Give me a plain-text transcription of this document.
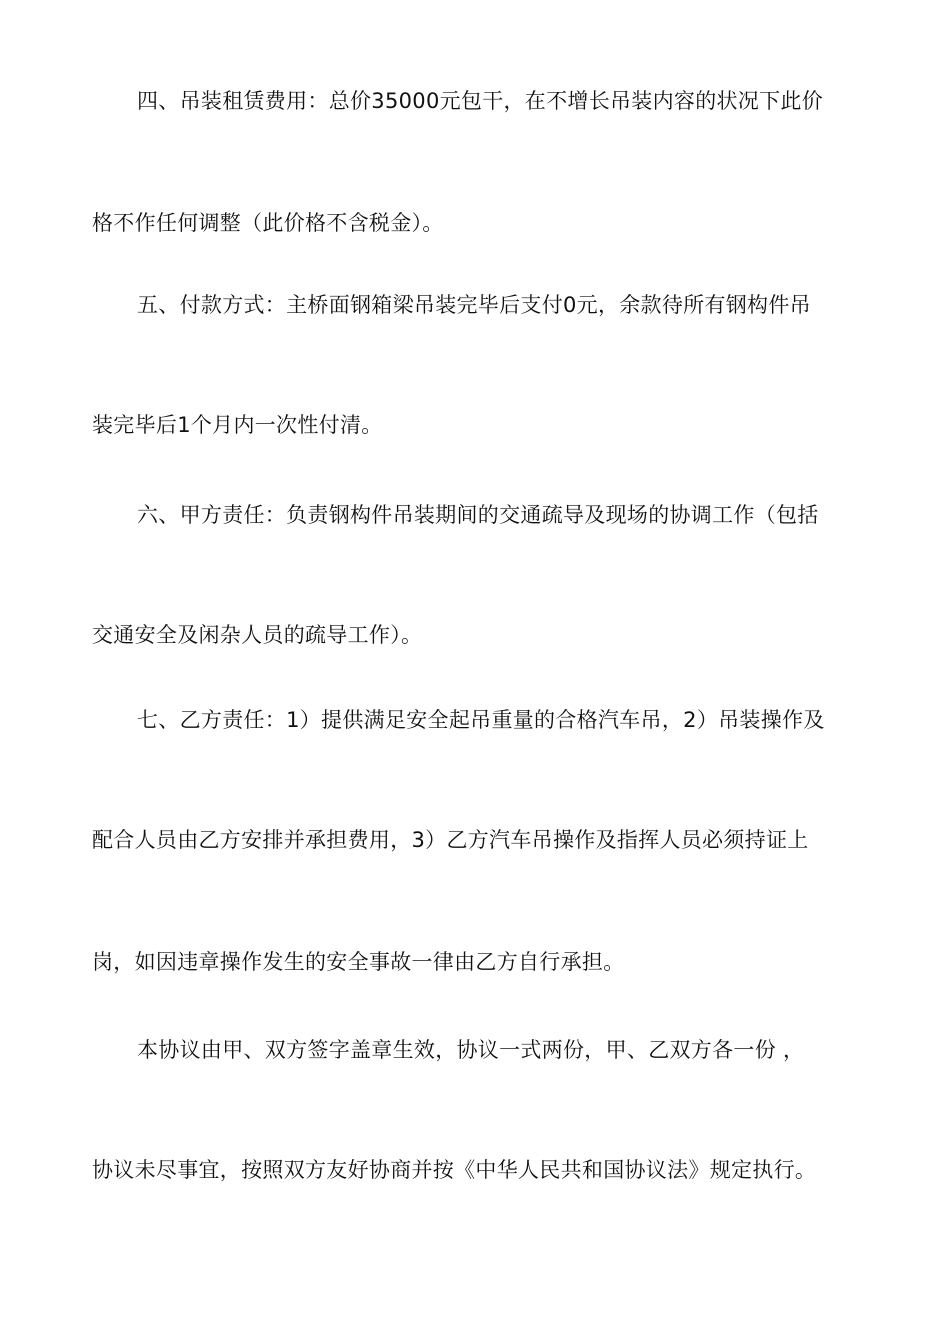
四、吊装租赁费用：总价35000元包干，在不增长吊装内容的状况下此价
格不作任何调整（此价格不含税金）。
五、付款方式：主桥面钢箱梁吊装完毕后支付0元，余款待所有钢构件吊
装完毕后1个月内一次性付清。
六、甲方责任：负责钢构件吊装期间的交通疏导及现场的协调工作（包括
交通安全及闲杂人员的疏导工作）。
七、乙方责任：1）提供满足安全起吊重量的合格汽车吊，2）吊装操作及
配合人员由乙方安排并承担费用，3）乙方汽车吊操作及指挥人员必须持证上
岗，如因违章操作发生的安全事故一律由乙方自行承担。
本协议由甲、双方签字盖章生效，协议一式两份，甲、乙双方各一份 ，
协议未尽事宜，按照双方友好协商并按《中华人民共和国协议法》规定执行。
